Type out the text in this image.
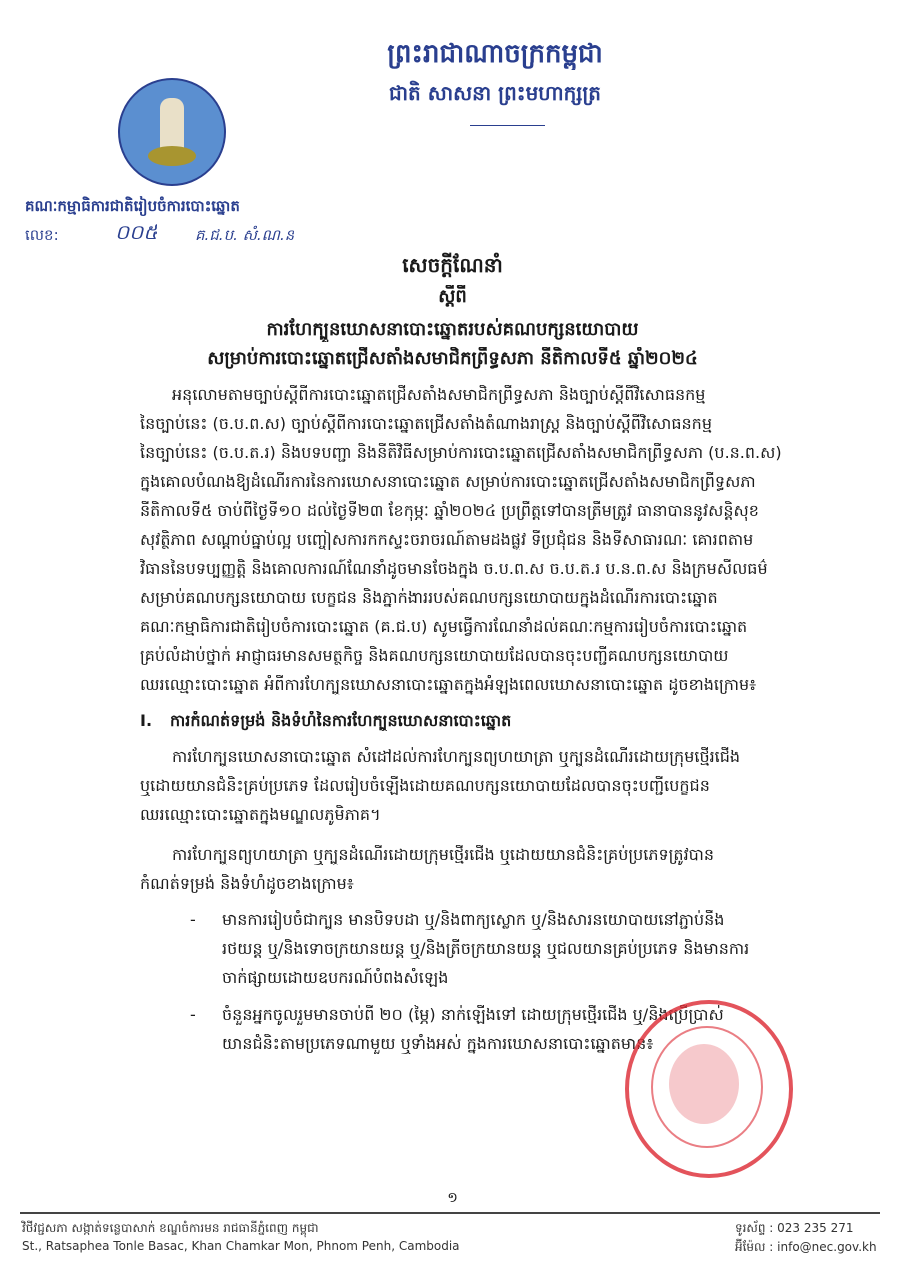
ព្រះរាជាណាចក្រកម្ពុជា
ជាតិ សាសនា ព្រះមហាក្សត្រ
គណៈកម្មាធិការជាតិរៀបចំការបោះឆ្នោត
លេខ:	០០៥	គ.ជ.ប. សំ.ណ.ន
សេចក្តីណែនាំ
ស្តីពី
ការហែក្បួនឃោសនាបោះឆ្នោតរបស់គណបក្សនយោបាយ
សម្រាប់ការបោះឆ្នោតជ្រើសតាំងសមាជិកព្រឹទ្ធសភា នីតិកាលទី៥ ឆ្នាំ២០២៤
អនុលោមតាមច្បាប់ស្តីពីការបោះឆ្នោតជ្រើសតាំងសមាជិកព្រឹទ្ធសភា និងច្បាប់ស្តីពីវិសោធនកម្ម
នៃច្បាប់នេះ (ច.ប.ព.ស) ច្បាប់ស្តីពីការបោះឆ្នោតជ្រើសតាំងតំណាងរាស្ត្រ និងច្បាប់ស្តីពីវិសោធនកម្ម
នៃច្បាប់នេះ (ច.ប.ត.រ) និងបទបញ្ជា និងនីតិវិធីសម្រាប់ការបោះឆ្នោតជ្រើសតាំងសមាជិកព្រឹទ្ធសភា (ប.ន.ព.ស)
ក្នុងគោលបំណងឱ្យដំណើរការនៃការឃោសនាបោះឆ្នោត សម្រាប់ការបោះឆ្នោតជ្រើសតាំងសមាជិកព្រឹទ្ធសភា
នីតិកាលទី៥ ចាប់ពីថ្ងៃទី១០ ដល់ថ្ងៃទី២៣ ខែកុម្ភៈ ឆ្នាំ២០២៤ ប្រព្រឹត្តទៅបានត្រឹមត្រូវ ធានាបាននូវសន្តិសុខ
សុវត្ថិភាព សណ្តាប់ធ្នាប់ល្អ បញ្ចៀសការកកស្ទះចរាចរណ៍តាមដងផ្លូវ ទីប្រជុំជន និងទីសាធារណៈ គោរពតាម
វិធាននៃបទប្បញ្ញត្តិ និងគោលការណ៍ណែនាំដូចមានចែងក្នុង ច.ប.ព.ស ច.ប.ត.រ ប.ន.ព.ស និងក្រមសីលធម៌
សម្រាប់គណបក្សនយោបាយ បេក្ខជន និងភ្នាក់ងាររបស់គណបក្សនយោបាយក្នុងដំណើរការបោះឆ្នោត
គណៈកម្មាធិការជាតិរៀបចំការបោះឆ្នោត (គ.ជ.ប) សូមធ្វើការណែនាំដល់គណៈកម្មការរៀបចំការបោះឆ្នោត
គ្រប់លំដាប់ថ្នាក់ អាជ្ញាធរមានសមត្ថកិច្ច និងគណបក្សនយោបាយដែលបានចុះបញ្ជីគណបក្សនយោបាយ
ឈរឈ្មោះបោះឆ្នោត អំពីការហែក្បួនឃោសនាបោះឆ្នោតក្នុងអំឡុងពេលឃោសនាបោះឆ្នោត ដូចខាងក្រោម៖
I. ការកំណត់ទម្រង់ និងទំហំនៃការហែក្បួនឃោសនាបោះឆ្នោត
ការហែក្បួនឃោសនាបោះឆ្នោត សំដៅដល់ការហែក្បួនព្យុហយាត្រា ឬក្បួនដំណើរដោយក្រុមថ្មើរជើង
ឬដោយយានជំនិះគ្រប់ប្រភេទ ដែលរៀបចំឡើងដោយគណបក្សនយោបាយដែលបានចុះបញ្ជីបេក្ខជន
ឈរឈ្មោះបោះឆ្នោតក្នុងមណ្ឌលភូមិភាគ។
ការហែក្បួនព្យុហយាត្រា ឬក្បួនដំណើរដោយក្រុមថ្មើរជើង ឬដោយយានជំនិះគ្រប់ប្រភេទត្រូវបាន
កំណត់ទម្រង់ និងទំហំដូចខាងក្រោម៖
- មានការរៀបចំជាក្បួន មានបិទបដា ឬ/និងពាក្យស្លោក ឬ/និងសារនយោបាយនៅភ្ជាប់នឹង
រថយន្ត ឬ/និងទោចក្រយានយន្ត ឬ/និងត្រីចក្រយានយន្ត ឬជលយានគ្រប់ប្រភេទ និងមានការ
ចាក់ផ្សាយដោយឧបករណ៍បំពងសំឡេង
- ចំនួនអ្នកចូលរួមមានចាប់ពី ២០ (ម្ភៃ) នាក់ឡើងទៅ ដោយក្រុមថ្មើរជើង ឬ/និងប្រើប្រាស់
យានជំនិះតាមប្រភេទណាមួយ ឬទាំងអស់ ក្នុងការឃោសនាបោះឆ្នោតមាន៖
១
វិថីវជ្ជសភា សង្កាត់ទន្លេបាសាក់ ខណ្ឌចំការមន រាជធានីភ្នំពេញ កម្ពុជា
St., Ratsaphea Tonle Basac, Khan Chamkar Mon, Phnom Penh, Cambodia
ទូរស័ព្ទ : 023 235 271
អ៊ីម៉ែល : info@nec.gov.kh
